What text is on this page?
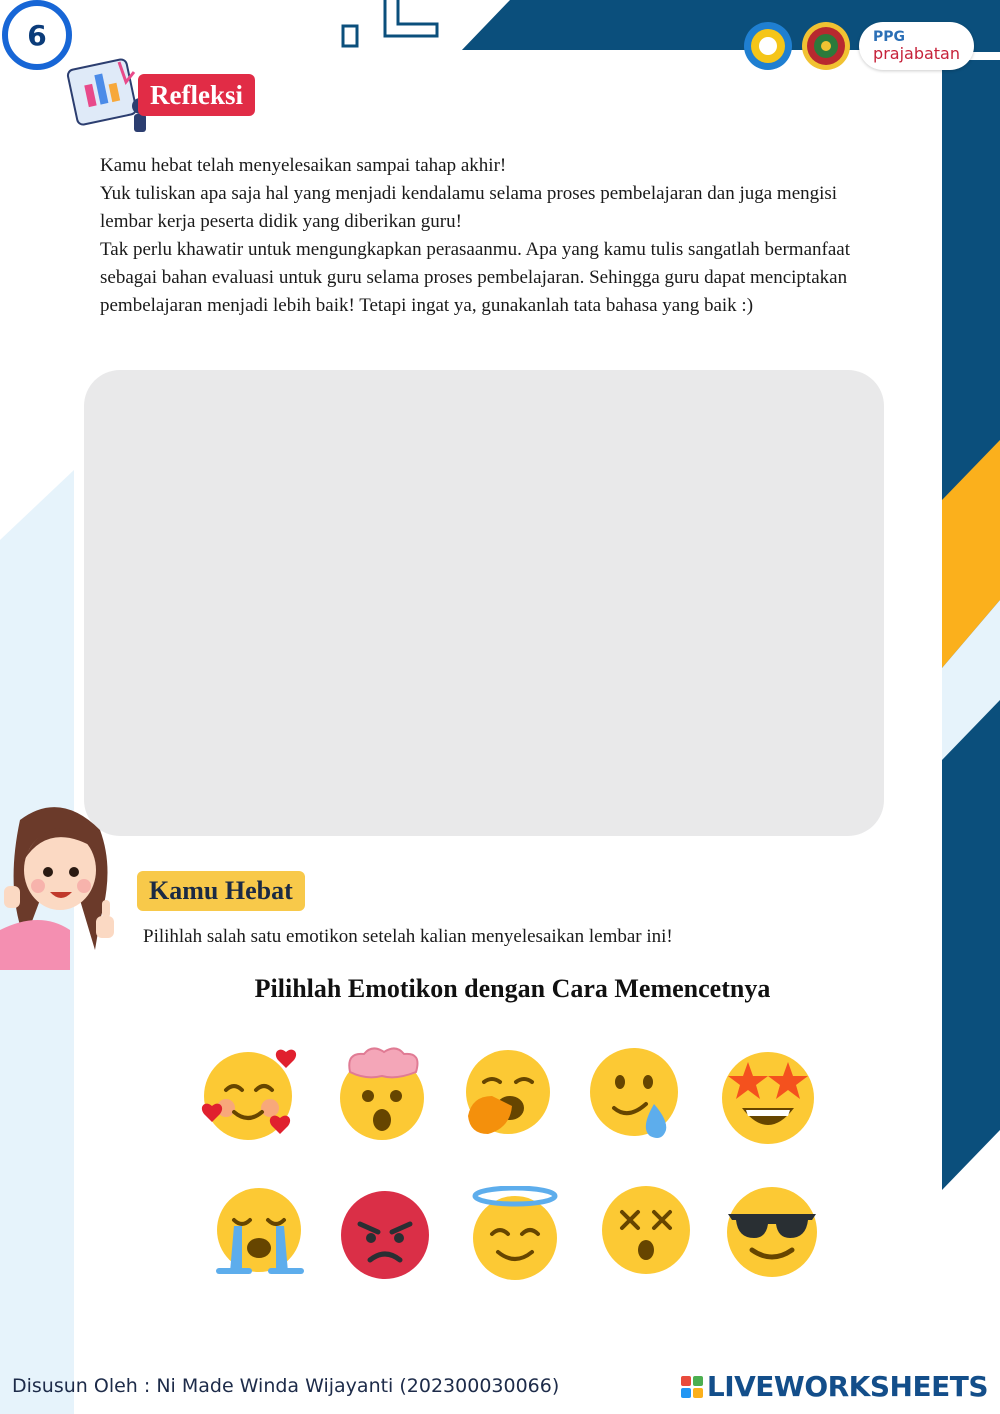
6	PPG
prajabatan
Refleksi

Kamu hebat telah menyelesaikan sampai tahap akhir!

Yuk tuliskan apa saja hal yang menjadi kendalamu selama proses pembelajaran dan juga mengisi lembar kerja peserta didik yang diberikan guru!

Tak perlu khawatir untuk mengungkapkan perasaanmu. Apa yang kamu tulis sangatlah bermanfaat sebagai bahan evaluasi untuk guru selama proses pembelajaran. Sehingga guru dapat menciptakan pembelajaran menjadi lebih baik! Tetapi ingat ya, gunakanlah tata bahasa yang baik :)

Kamu Hebat
Pilihlah salah satu emotikon setelah kalian menyelesaikan lembar ini!
Pilihlah Emotikon dengan Cara Memencetnya
Disusun Oleh : Ni Made Winda Wijayanti (202300030066)	LIVEWORKSHEETS
